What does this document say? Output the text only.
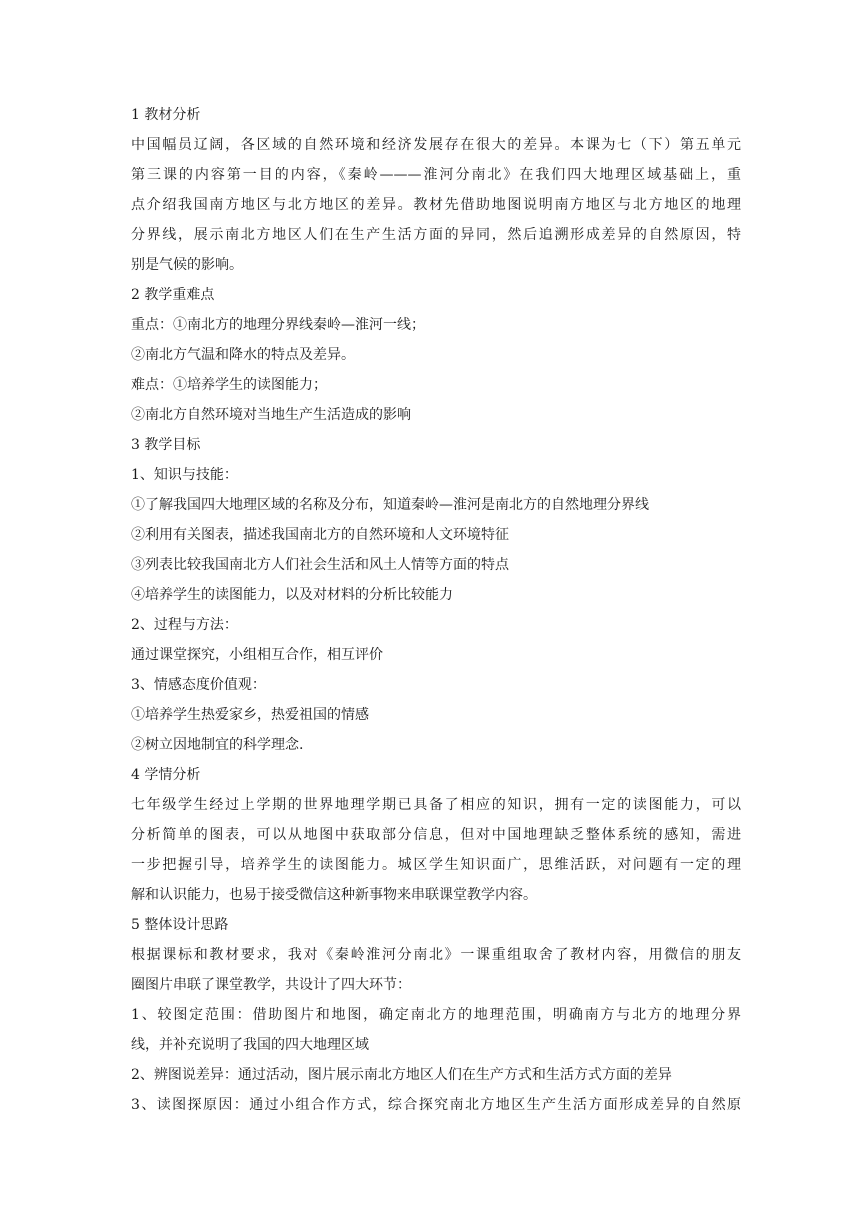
1 教材分析
中国幅员辽阔，各区域的自然环境和经济发展存在很大的差异。本课为七（下）第五单元
第三课的内容第一目的内容，《秦岭———淮河分南北》在我们四大地理区域基础上，重
点介绍我国南方地区与北方地区的差异。教材先借助地图说明南方地区与北方地区的地理
分界线，展示南北方地区人们在生产生活方面的异同，然后追溯形成差异的自然原因，特
别是气候的影响。
2 教学重难点
重点：①南北方的地理分界线秦岭—淮河一线；
②南北方气温和降水的特点及差异。
难点：①培养学生的读图能力；
②南北方自然环境对当地生产生活造成的影响
3 教学目标
1、知识与技能：
①了解我国四大地理区域的名称及分布，知道秦岭—淮河是南北方的自然地理分界线
②利用有关图表，描述我国南北方的自然环境和人文环境特征
③列表比较我国南北方人们社会生活和风土人情等方面的特点
④培养学生的读图能力，以及对材料的分析比较能力
2、过程与方法：
通过课堂探究，小组相互合作，相互评价
3、情感态度价值观：
①培养学生热爱家乡，热爱祖国的情感
②树立因地制宜的科学理念.
4 学情分析
七年级学生经过上学期的世界地理学期已具备了相应的知识，拥有一定的读图能力，可以
分析简单的图表，可以从地图中获取部分信息，但对中国地理缺乏整体系统的感知，需进
一步把握引导，培养学生的读图能力。城区学生知识面广，思维活跃，对问题有一定的理
解和认识能力，也易于接受微信这种新事物来串联课堂教学内容。
5 整体设计思路
根据课标和教材要求，我对《秦岭淮河分南北》一课重组取舍了教材内容，用微信的朋友
圈图片串联了课堂教学，共设计了四大环节：
1、较图定范围：借助图片和地图，确定南北方的地理范围，明确南方与北方的地理分界
线，并补充说明了我国的四大地理区域
2、辨图说差异：通过活动，图片展示南北方地区人们在生产方式和生活方式方面的差异
3、读图探原因：通过小组合作方式，综合探究南北方地区生产生活方面形成差异的自然原
